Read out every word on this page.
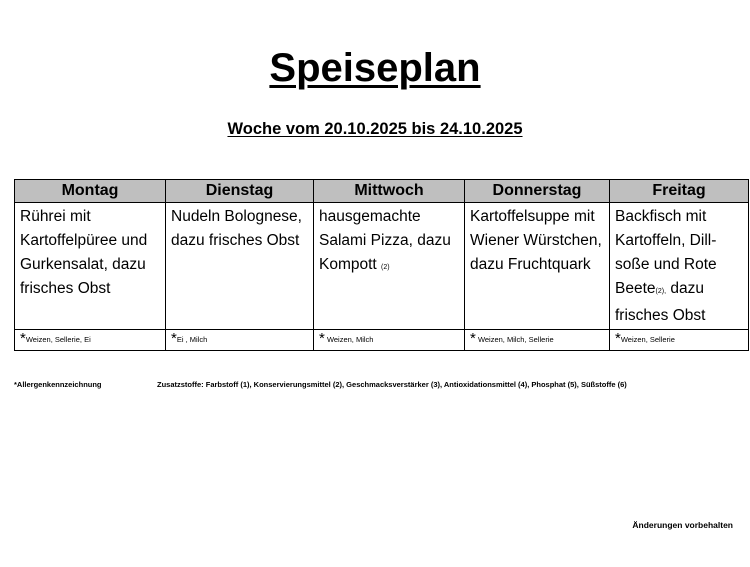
Speiseplan
Woche vom 20.10.2025 bis 24.10.2025
Montag	Dienstag	Mittwoch	Donnerstag	Freitag
Rührei mit Kartoffelpüree und Gurkensalat, dazu frisches Obst	Nudeln Bolognese, dazu frisches Obst	hausgemachte Salami Pizza, dazu Kompott (2)	Kartoffelsuppe mit Wiener Würstchen, dazu Fruchtquark	Backfisch mit Kartoffeln, Dill-soße und Rote Beete(2), dazu frisches Obst
*Weizen, Sellerie, Ei	*Ei , Milch	* Weizen, Milch	* Weizen, Milch, Sellerie	*Weizen, Sellerie
*Allergenkennzeichnung	Zusatzstoffe: Farbstoff (1), Konservierungsmittel (2), Geschmacksverstärker (3), Antioxidationsmittel (4), Phosphat (5), Süßstoffe (6)
Änderungen vorbehalten
